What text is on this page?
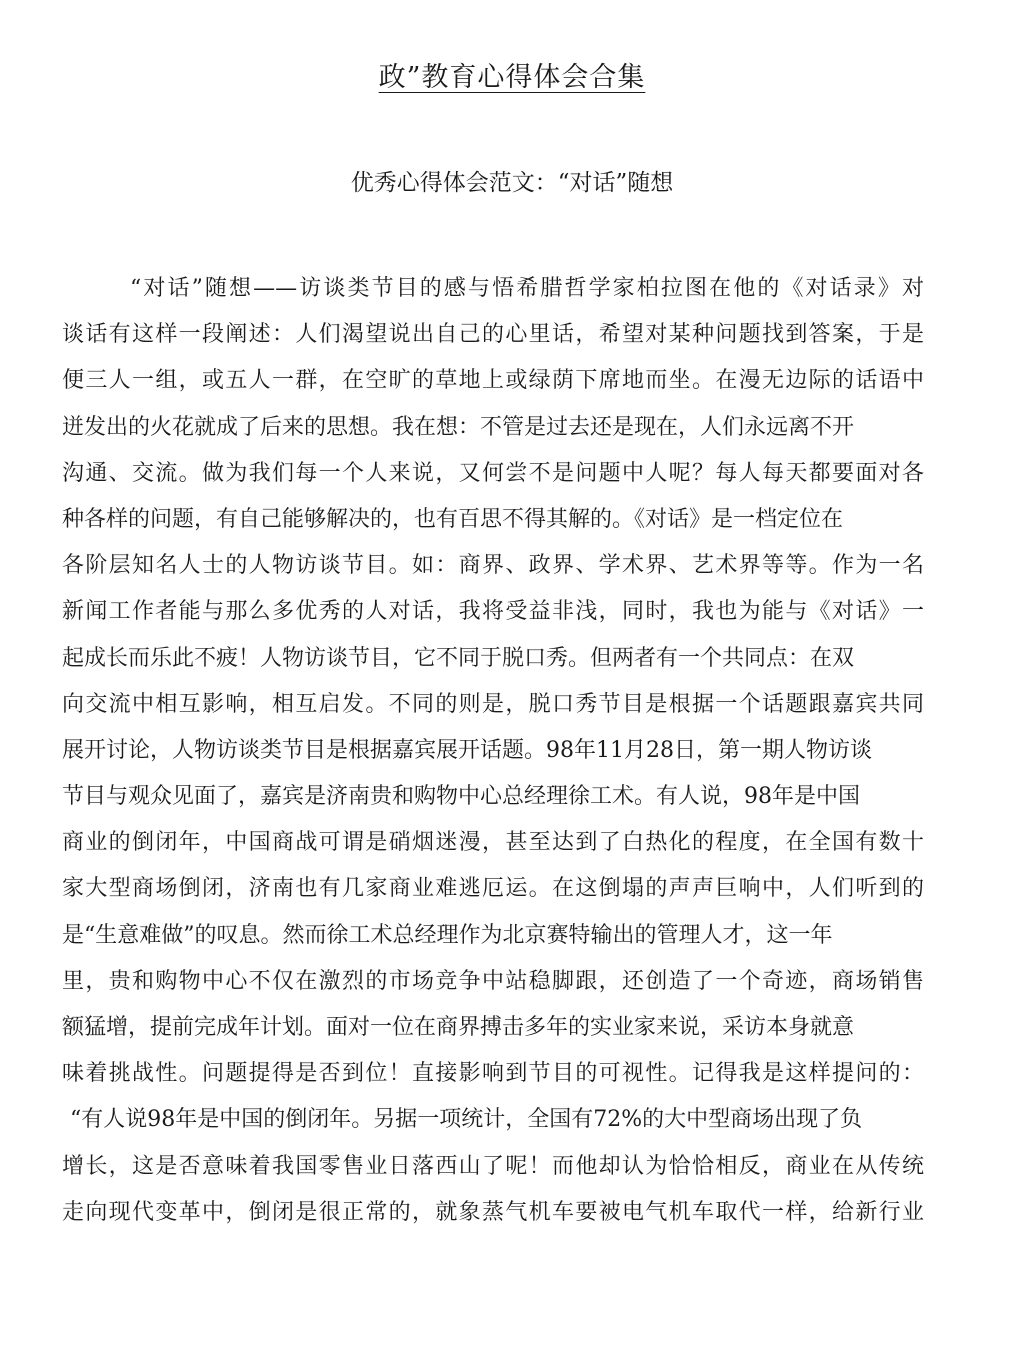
政”教育心得体会合集
优秀心得体会范文：“对话”随想
“对话”随想——访谈类节目的感与悟希腊哲学家柏拉图在他的《对话录》对
谈话有这样一段阐述：人们渴望说出自己的心里话，希望对某种问题找到答案，于是
便三人一组，或五人一群，在空旷的草地上或绿荫下席地而坐。在漫无边际的话语中
迸发出的火花就成了后来的思想。我在想：不管是过去还是现在，人们永远离不开
沟通、交流。做为我们每一个人来说，又何尝不是问题中人呢？每人每天都要面对各
种各样的问题，有自己能够解决的，也有百思不得其解的。《对话》是一档定位在
各阶层知名人士的人物访谈节目。如：商界、政界、学术界、艺术界等等。作为一名
新闻工作者能与那么多优秀的人对话，我将受益非浅，同时，我也为能与《对话》一
起成长而乐此不疲！人物访谈节目，它不同于脱口秀。但两者有一个共同点：在双
向交流中相互影响，相互启发。不同的则是，脱口秀节目是根据一个话题跟嘉宾共同
展开讨论，人物访谈类节目是根据嘉宾展开话题。98年11月28日，第一期人物访谈
节目与观众见面了，嘉宾是济南贵和购物中心总经理徐工术。有人说，98年是中国
商业的倒闭年，中国商战可谓是硝烟迷漫，甚至达到了白热化的程度，在全国有数十
家大型商场倒闭，济南也有几家商业难逃厄运。在这倒塌的声声巨响中，人们听到的
是“生意难做”的叹息。然而徐工术总经理作为北京赛特输出的管理人才，这一年
里，贵和购物中心不仅在激烈的市场竞争中站稳脚跟，还创造了一个奇迹，商场销售
额猛增，提前完成年计划。面对一位在商界搏击多年的实业家来说，采访本身就意
味着挑战性。问题提得是否到位！直接影响到节目的可视性。记得我是这样提问的：
“有人说98年是中国的倒闭年。另据一项统计，全国有72%的大中型商场出现了负
增长，这是否意味着我国零售业日落西山了呢！而他却认为恰恰相反，商业在从传统
走向现代变革中，倒闭是很正常的，就象蒸气机车要被电气机车取代一样，给新行业
